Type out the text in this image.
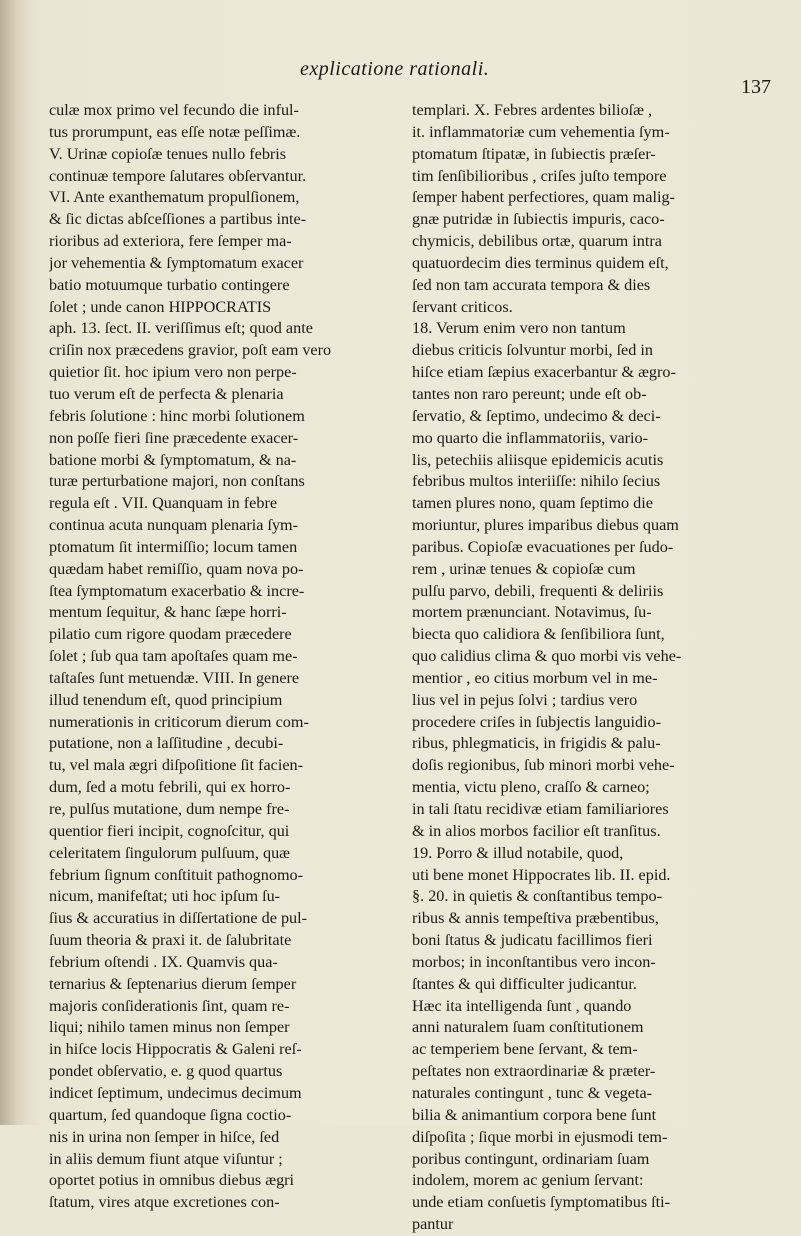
explicatione rationali.
137
culæ mox primo vel fecundo die inful-
tus prorumpunt, eas eſſe notæ peſſimæ.
V. Urinæ copioſæ tenues nullo febris
continuæ tempore ſalutares obſervantur.
VI. Ante exanthematum propulſionem,
& ſic dictas abſceſſiones a partibus inte-
rioribus ad exteriora, fere ſemper ma-
jor vehementia & ſymptomatum exacer
batio motuumque turbatio contingere
ſolet ; unde canon HIPPOCRATIS
aph. 13. ſect. II. veriſſimus eſt; quod ante
criſin nox præcedens gravior, poſt eam vero
quietior ſit. hoc ipium vero non perpe-
tuo verum eſt de perfecta & plenaria
febris ſolutione : hinc morbi ſolutionem
non poſſe fieri ſine præcedente exacer-
batione morbi & ſymptomatum, & na-
turæ perturbatione majori, non conſtans
regula eſt . VII. Quanquam in febre
continua acuta nunquam plenaria ſym-
ptomatum ſit intermiſſio; locum tamen
quædam habet remiſſio, quam nova po-
ſtea ſymptomatum exacerbatio & incre-
mentum ſequitur, & hanc ſæpe horri-
pilatio cum rigore quodam præcedere
ſolet ; ſub qua tam apoſtaſes quam me-
taſtaſes ſunt metuendæ. VIII. In genere
illud tenendum eſt, quod principium
numerationis in criticorum dierum com-
putatione, non a laſſitudine , decubi-
tu, vel mala ægri diſpoſitione ſit facien-
dum, ſed a motu febrili, qui ex horro-
re, pulſus mutatione, dum nempe fre-
quentior fieri incipit, cognoſcitur, qui
celeritatem ſingulorum pulſuum, quæ
febrium ſignum conſtituit pathognomo-
nicum, manifeſtat; uti hoc ipſum ſu-
ſius & accuratius in diſſertatione de pul-
ſuum theoria & praxi it. de ſalubritate
febrium oſtendi . IX. Quamvis qua-
ternarius & ſeptenarius dierum ſemper
majoris conſiderationis ſint, quam re-
liqui; nihilo tamen minus non ſemper
in hiſce locis Hippocratis & Galeni reſ-
pondet obſervatio, e. g quod quartus
indicet ſeptimum, undecimus decimum
quartum, ſed quandoque ſigna coctio-
nis in urina non ſemper in hiſce, ſed
in aliis demum fiunt atque viſuntur ;
oportet potius in omnibus diebus ægri
ſtatum, vires atque excretiones con-
templari. X. Febres ardentes bilioſæ ,
it. inflammatoriæ cum vehementia ſym-
ptomatum ſtipatæ, in ſubiectis præſer-
tim ſenſibilioribus , criſes juſto tempore
ſemper habent perfectiores, quam malig-
gnæ putridæ in ſubiectis impuris, caco-
chymicis, debilibus ortæ, quarum intra
quatuordecim dies terminus quidem eſt,
ſed non tam accurata tempora & dies
ſervant criticos.
18. Verum enim vero non tantum
diebus criticis ſolvuntur morbi, ſed in
hiſce etiam ſæpius exacerbantur & ægro-
tantes non raro pereunt; unde eſt ob-
ſervatio, & ſeptimo, undecimo & deci-
mo quarto die inflammatoriis, vario-
lis, petechiis aliisque epidemicis acutis
febribus multos interiiſſe: nihilo ſecius
tamen plures nono, quam ſeptimo die
moriuntur, plures imparibus diebus quam
paribus. Copioſæ evacuationes per ſudo-
rem , urinæ tenues & copioſæ cum
pulſu parvo, debili, frequenti & deliriis
mortem prænunciant. Notavimus, ſu-
biecta quo calidiora & ſenſibiliora ſunt,
quo calidius clima & quo morbi vis vehe-
mentior , eo citius morbum vel in me-
lius vel in pejus ſolvi ; tardius vero
procedere criſes in ſubjectis languidio-
ribus, phlegmaticis, in frigidis & palu-
doſis regionibus, ſub minori morbi vehe-
mentia, victu pleno, craſſo & carneo;
in tali ſtatu recidivæ etiam familiariores
& in alios morbos facilior eſt tranſitus.
19. Porro & illud notabile, quod,
uti bene monet Hippocrates lib. II. epid.
§. 20. in quietis & conſtantibus tempo-
ribus & annis tempeſtiva præbentibus,
boni ſtatus & judicatu facillimos fieri
morbos; in inconſtantibus vero incon-
ſtantes & qui difficulter judicantur.
Hæc ita intelligenda ſunt , quando
anni naturalem ſuam conſtitutionem
ac temperiem bene ſervant, & tem-
peſtates non extraordinariæ & præter-
naturales contingunt , tunc & vegeta-
bilia & animantium corpora bene ſunt
diſpoſita ; ſique morbi in ejusmodi tem-
poribus contingunt, ordinariam ſuam
indolem, morem ac genium ſervant:
unde etiam conſuetis ſymptomatibus ſti-
pantur
